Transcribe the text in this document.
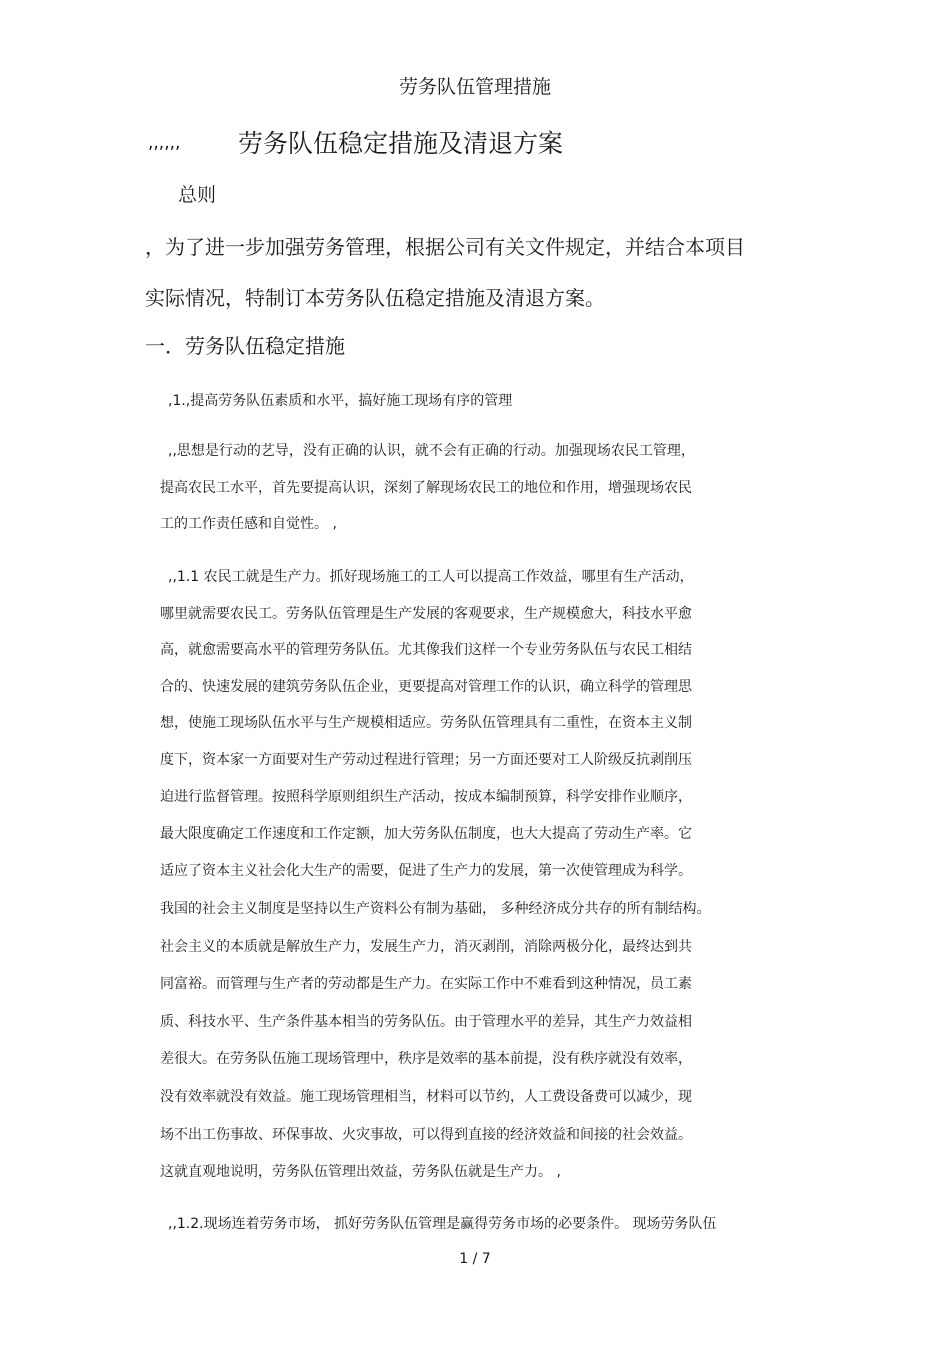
劳务队伍管理措施
,,,,,, 劳务队伍稳定措施及清退方案
总则
，为了进一步加强劳务管理，根据公司有关文件规定，并结合本项目
实际情况，特制订本劳务队伍稳定措施及清退方案。
一．劳务队伍稳定措施
,1.,提高劳务队伍素质和水平，搞好施工现场有序的管理
,,思想是行动的艺导，没有正确的认识，就不会有正确的行动。加强现场农民工管理，
提高农民工水平，首先要提高认识，深刻了解现场农民工的地位和作用，增强现场农民
工的工作责任感和自觉性。 ,
,,1.1 农民工就是生产力。抓好现场施工的工人可以提高工作效益，哪里有生产活动，
哪里就需要农民工。劳务队伍管理是生产发展的客观要求，生产规模愈大，科技水平愈
高，就愈需要高水平的管理劳务队伍。尤其像我们这样一个专业劳务队伍与农民工相结
合的、快速发展的建筑劳务队伍企业，更要提高对管理工作的认识，确立科学的管理思
想，使施工现场队伍水平与生产规模相适应。劳务队伍管理具有二重性，在资本主义制
度下，资本家一方面要对生产劳动过程进行管理；另一方面还要对工人阶级反抗剥削压
迫进行监督管理。按照科学原则组织生产活动，按成本编制预算，科学安排作业顺序，
最大限度确定工作速度和工作定额，加大劳务队伍制度，也大大提高了劳动生产率。它
适应了资本主义社会化大生产的需要，促进了生产力的发展，第一次使管理成为科学。
我国的社会主义制度是坚持以生产资料公有制为基础， 多种经济成分共存的所有制结构。
社会主义的本质就是解放生产力，发展生产力，消灭剥削，消除两极分化，最终达到共
同富裕。而管理与生产者的劳动都是生产力。在实际工作中不难看到这种情况，员工素
质、科技水平、生产条件基本相当的劳务队伍。由于管理水平的差异，其生产力效益相
差很大。在劳务队伍施工现场管理中，秩序是效率的基本前提，没有秩序就没有效率，
没有效率就没有效益。施工现场管理相当，材料可以节约，人工费设备费可以减少，现
场不出工伤事故、环保事故、火灾事故，可以得到直接的经济效益和间接的社会效益。
这就直观地说明，劳务队伍管理出效益，劳务队伍就是生产力。 ,
,,1.2.现场连着劳务市场， 抓好劳务队伍管理是赢得劳务市场的必要条件。 现场劳务队伍
1 / 7
